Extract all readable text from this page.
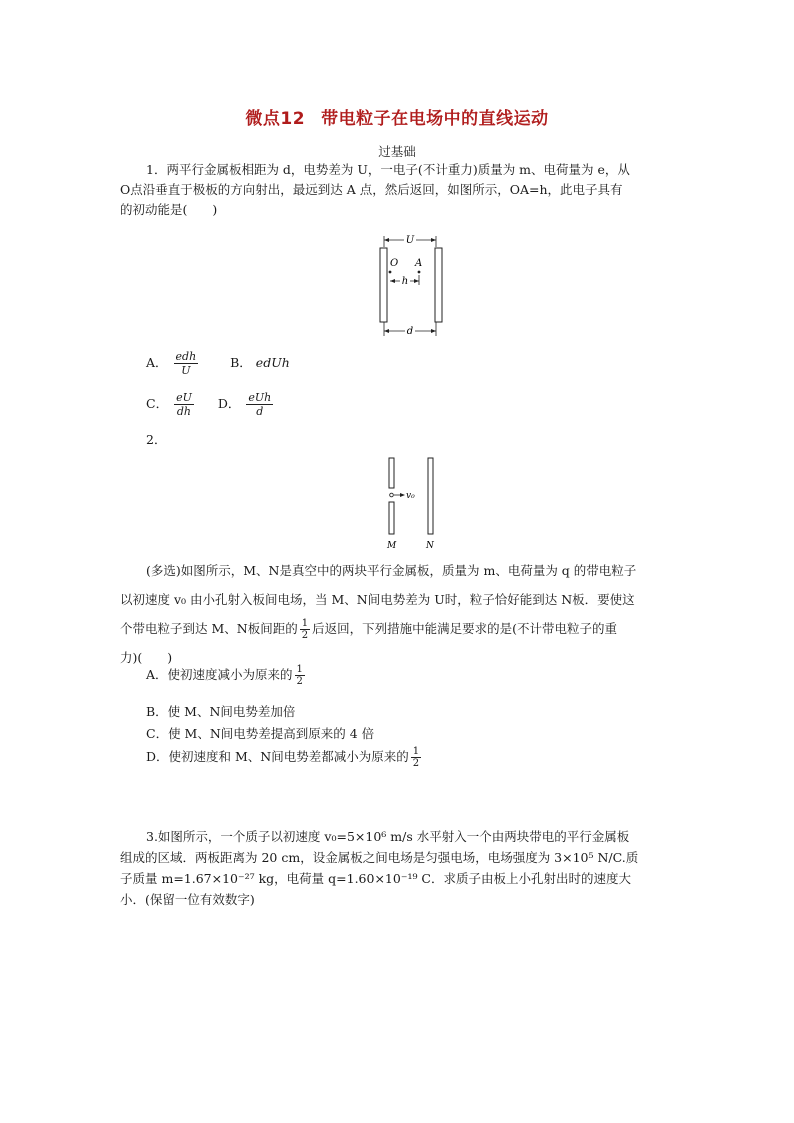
微点12 带电粒子在电场中的直线运动
过基础
1．两平行金属板相距为 d，电势差为 U，一电子(不计重力)质量为 m、电荷量为 e，从
O点沿垂直于极板的方向射出，最远到达 A 点，然后返回，如图所示，OA=h，此电子具有
的初动能是(　　)
U
O A
h
d
A． $\frac{\text{edh}}{U}$	B． edUh
C． $\frac{eU}{dh}$ D． $\frac{\text{eUh}}{d}$
2．
v₀
M	N
(多选)如图所示，M、N是真空中的两块平行金属板，质量为 m、电荷量为 q 的带电粒子
以初速度 v₀ 由小孔射入板间电场，当 M、N间电势差为 U时，粒子恰好能到达 N板．要使这
个带电粒子到达 M、N板间距的 $\frac{1}{2}$ 后返回，下列措施中能满足要求的是(不计带电粒子的重
力)(　　)
A．使初速度减小为原来的 $\frac{1}{2}$
B．使 M、N间电势差加倍
C．使 M、N间电势差提高到原来的 4 倍
D．使初速度和 M、N间电势差都减小为原来的 $\frac{1}{2}$
3.如图所示，一个质子以初速度 v₀=5×10⁶ m/s 水平射入一个由两块带电的平行金属板
组成的区域．两板距离为 20 cm，设金属板之间电场是匀强电场，电场强度为 3×10⁵ N/C.质
子质量 m=1.67×10⁻²⁷ kg，电荷量 q=1.60×10⁻¹⁹ C．求质子由板上小孔射出时的速度大
小．(保留一位有效数字)
